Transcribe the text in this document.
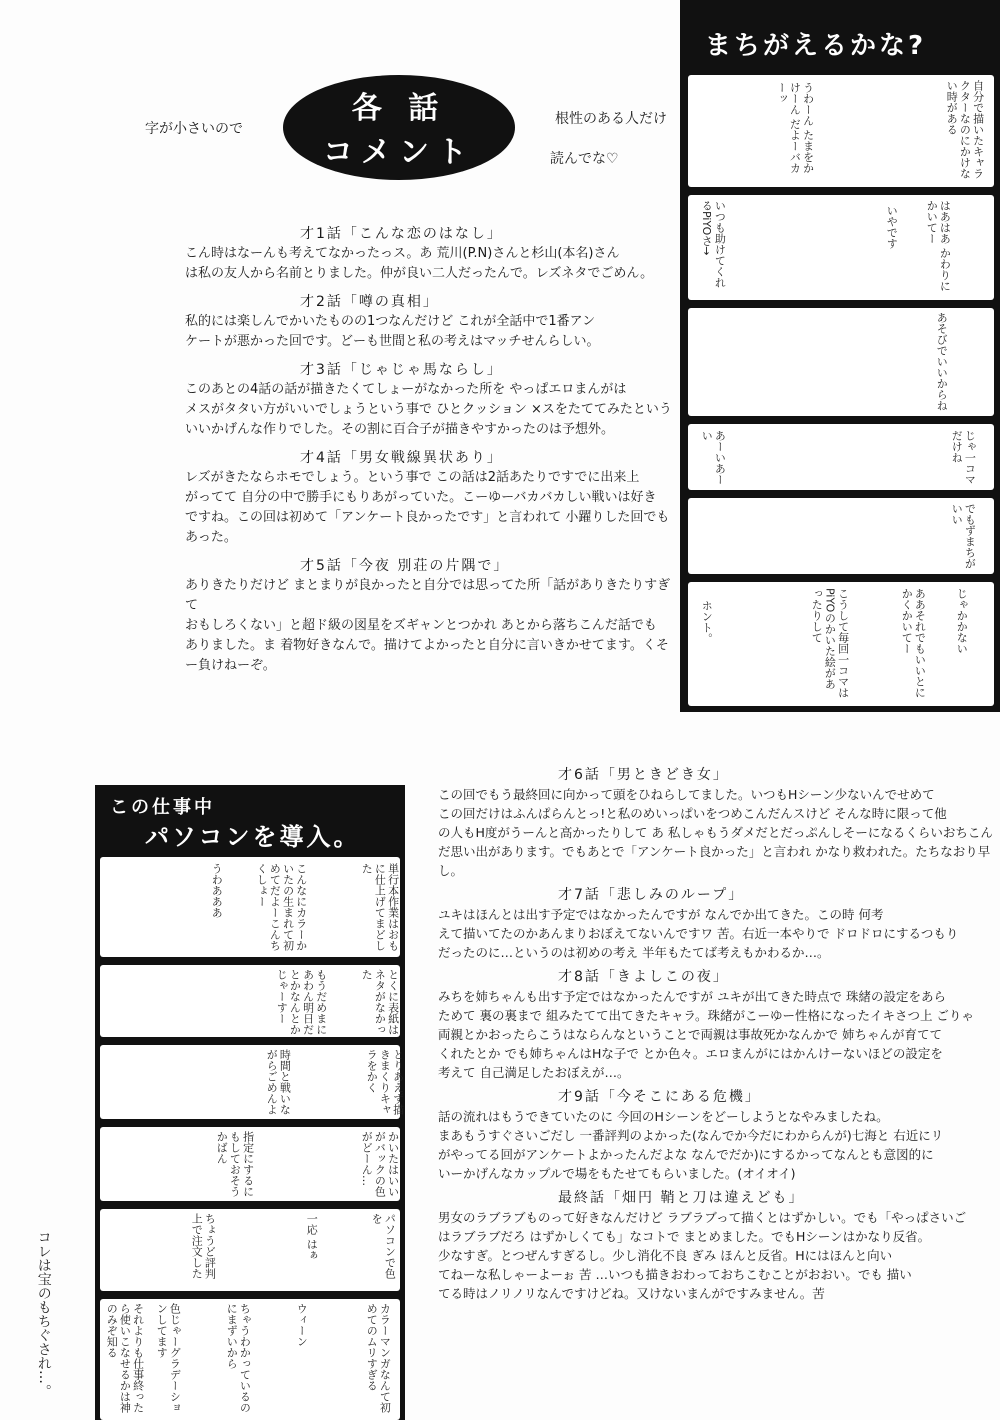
各 話
コメント
字が小さいので
根性のある人だけ
読んでな♡
才1話「こんな恋のはなし」
こん時はなーんも考えてなかったっス。あ 荒川(P.N)さんと杉山(本名)さん
は私の友人から名前とりました。仲が良い二人だったんで。レズネタでごめん。
才2話「噂の真相」
私的には楽しんでかいたものの1つなんだけど これが全話中で1番アン
ケートが悪かった回です。どーも世間と私の考えはマッチせんらしい。
才3話「じゃじゃ馬ならし」
このあとの4話の話が描きたくてしょーがなかった所を やっぱエロまんがは
メスがタタい方がいいでしょうという事で ひとクッション ×スをたててみたという
いいかげんな作りでした。その割に百合子が描きやすかったのは予想外。
才4話「男女戦線異状あり」
レズがきたならホモでしょう。という事で この話は2話あたりですでに出来上
がってて 自分の中で勝手にもりあがっていた。こーゆーバカバカしい戦いは好き
ですね。この回は初めて「アンケート良かったです」と言われて 小躍りした回でもあった。
才5話「今夜 別荘の片隅で」
ありきたりだけど まとまりが良かったと自分では思ってた所「話がありきたりすぎて
おもしろくない」と超ド級の図星をズギャンとつかれ あとから落ちこんだ話でも
ありました。ま 着物好きなんで。描けてよかったと自分に言いきかせてます。くそー負けねーぞ。
才6話「男ときどき女」
この回でもう最終回に向かって頭をひねらしてました。いつもHシーン少ないんでせめて
この回だけはふんぱらんとっ!と私のめいっぱいをつめこんだんスけど そんな時に限って他
の人もH度がうーんと高かったりして あ 私しゃもうダメだとだっぷんしそーになるくらいおちこん
だ思い出があります。でもあとで「アンケート良かった」と言われ かなり救われた。たちなおり早し。
才7話「悲しみのループ」
ユキはほんとは出す予定ではなかったんですが なんでか出てきた。この時 何考
えて描いてたのかあんまりおぼえてないんですワ 苦。右近一本やりで ドロドロにするつもり
だったのに…というのは初めの考え 半年もたてば考えもかわるか…。
才8話「きよしこの夜」
みちを姉ちゃんも出す予定ではなかったんですが ユキが出てきた時点で 珠緒の設定をあら
ためて 裏の裏まで 組みたてて出てきたキャラ。珠緒がこーゆー性格になったイキさつ上 ごりゃ
両親とかおったらこうはならんなということで両親は事故死かなんかで 姉ちゃんが育てて
くれたとか でも姉ちゃんはHな子で とか色々。エロまんがにはかんけーないほどの設定を
考えて 自己満足したおぼえが…。
才9話「今そこにある危機」
話の流れはもうできていたのに 今回のHシーンをどーしようとなやみましたね。
まあもうすぐさいごだし 一番評判のよかった(なんでか今だにわからんが)七海と 右近にリ
がやってる回がアンケートよかったんだよな なんでだか)にするかってなんとも意図的に
いーかげんなカップルで場をもたせてもらいました。(オイオイ)
最終話「畑円 鞘と刀は違えども」
男女のラブラブものって好きなんだけど ラブラブって描くとはずかしい。でも「やっぱさいご
はラブラブだろ はずかしくても」なコトで まとめました。でもHシーンはかなり反省。
少なすぎ。とつぜんすぎるし。少し消化不良 ぎみ ほんと反省。Hにはほんと向い
てねーな私しゃーよーぉ 苦 …いつも描きおわっておちこむことがおおい。でも 描い
てる時はノリノリなんですけどね。又けないまんがですみません。苦
まちがえるかな?
自分で描いたキャラクターなのにかけない時がある
うわーん たまをかけーん だよーバカーッ
はあはあ かわりにかいてー
いやです
いつも助けてくれるPiYOさ→
あそびでいいからね
じゃ一コマだけね
あーいあーい
でもずまちがいい
じゃかかない
ああそれでもいいとにかくかいてー
こうして毎回一コマはPiYOのかいた絵があったりして
ホント。
この仕事中
パソコンを導入。
単行本作業はおもに仕上げてまどした
こんなにカラーかいたの生まれて初めてだよーこんちくしょー
うわあああ
とくに表紙はネタがなかった
もうだめまにあわん明日だとかなんとかじゃーすー
とりあえず描きまくりキャラをかく
時間と戦いながらごめんよ
かいたはいいがバックの色がどーん…
指定にするにもしておそうかばん
パソコンで色を
ちょうど評判上で注文した	一応 はぁ
カラーマンガなんて初めてのムリすぎる
ウィーン
ちゃうわかっているのにまずいから
色じゃーグラデーションしてます
それよりも仕事終ったら使いこなせるかは神のみぞ知る
コレは宝のもちぐされ…。
